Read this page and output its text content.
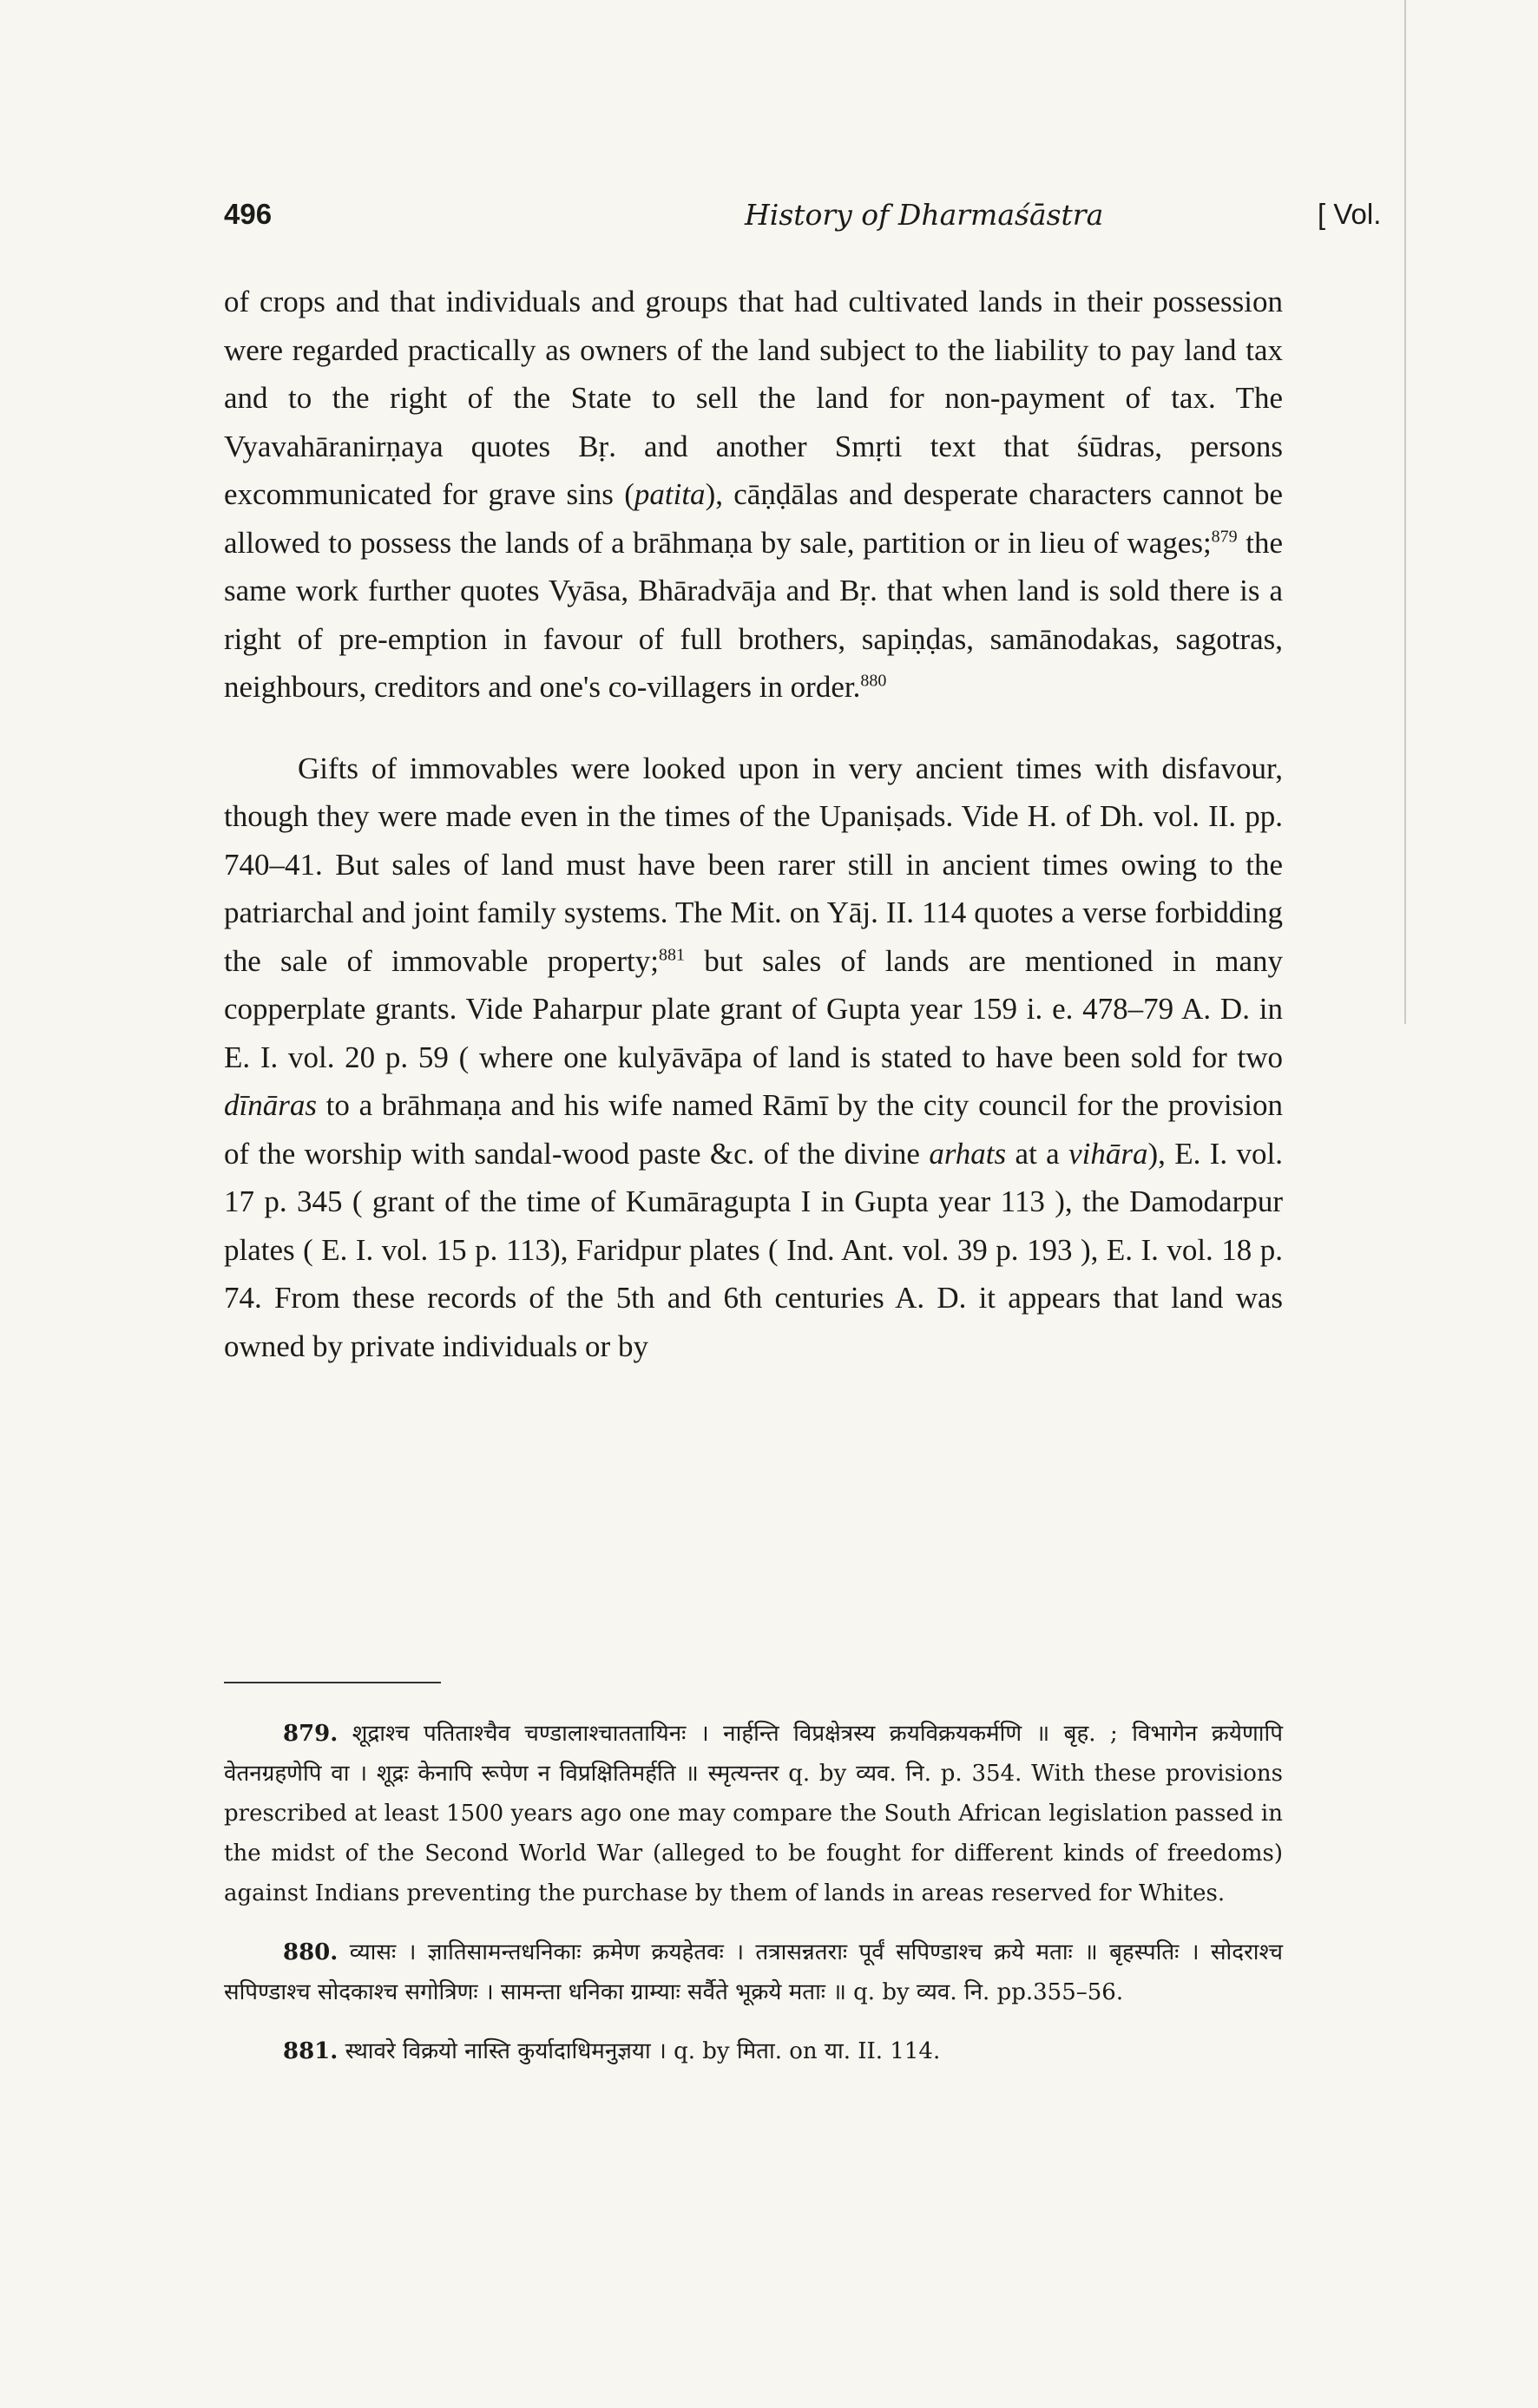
496	History of Dharmaśāstra	[ Vol.

of crops and that individuals and groups that had cultivated lands in their possession were regarded practically as owners of the land subject to the liability to pay land tax and to the right of the State to sell the land for non-payment of tax. The Vyavahāranirṇaya quotes Bṛ. and another Smṛti text that śūdras, persons excommunicated for grave sins (patita), cāṇḍālas and desperate characters cannot be allowed to possess the lands of a brāhmaṇa by sale, partition or in lieu of wages;$^{879}$ the same work further quotes Vyāsa, Bhāradvāja and Bṛ. that when land is sold there is a right of pre-emption in favour of full brothers, sapiṇḍas, samānodakas, sagotras, neighbours, creditors and one's co-villagers in order.$^{880}$

Gifts of immovables were looked upon in very ancient times with disfavour, though they were made even in the times of the Upaniṣads. Vide H. of Dh. vol. II. pp. 740–41. But sales of land must have been rarer still in ancient times owing to the patriarchal and joint family systems. The Mit. on Yāj. II. 114 quotes a verse forbidding the sale of immovable property;$^{881}$ but sales of lands are mentioned in many copperplate grants. Vide Paharpur plate grant of Gupta year 159 i. e. 478–79 A. D. in E. I. vol. 20 p. 59 ( where one kulyāvāpa of land is stated to have been sold for two dīnāras to a brāhmaṇa and his wife named Rāmī by the city council for the provision of the worship with sandal-wood paste &c. of the divine arhats at a vihāra), E. I. vol. 17 p. 345 ( grant of the time of Kumāragupta I in Gupta year 113 ), the Damodarpur plates ( E. I. vol. 15 p. 113), Faridpur plates ( Ind. Ant. vol. 39 p. 193 ), E. I. vol. 18 p. 74. From these records of the 5th and 6th centuries A. D. it appears that land was owned by private individuals or by

879. शूद्राश्च पतिताश्चैव चण्डालाश्चाततायिनः । नार्हन्ति विप्रक्षेत्रस्य क्रयविक्रयकर्मणि ॥ बृह. ; विभागेन क्रयेणापि वेतनग्रहणेपि वा । शूद्रः केनापि रूपेण न विप्रक्षितिमर्हति ॥ स्मृत्यन्तर q. by व्यव. नि. p. 354. With these provisions prescribed at least 1500 years ago one may compare the South African legislation passed in the midst of the Second World War (alleged to be fought for different kinds of freedoms) against Indians preventing the purchase by them of lands in areas reserved for Whites.

880. व्यासः । ज्ञातिसामन्तधनिकाः क्रमेण क्रयहेतवः । तत्रासन्नतराः पूर्वं सपिण्डाश्च क्रये मताः ॥ बृहस्पतिः । सोदराश्च सपिण्डाश्च सोदकाश्च सगोत्रिणः । सामन्ता धनिका ग्राम्याः सर्वैते भूक्रये मताः ॥ q. by व्यव. नि. pp.355–56.

881. स्थावरे विक्रयो नास्ति कुर्यादाधिमनुज्ञया । q. by मिता. on या. II. 114.
